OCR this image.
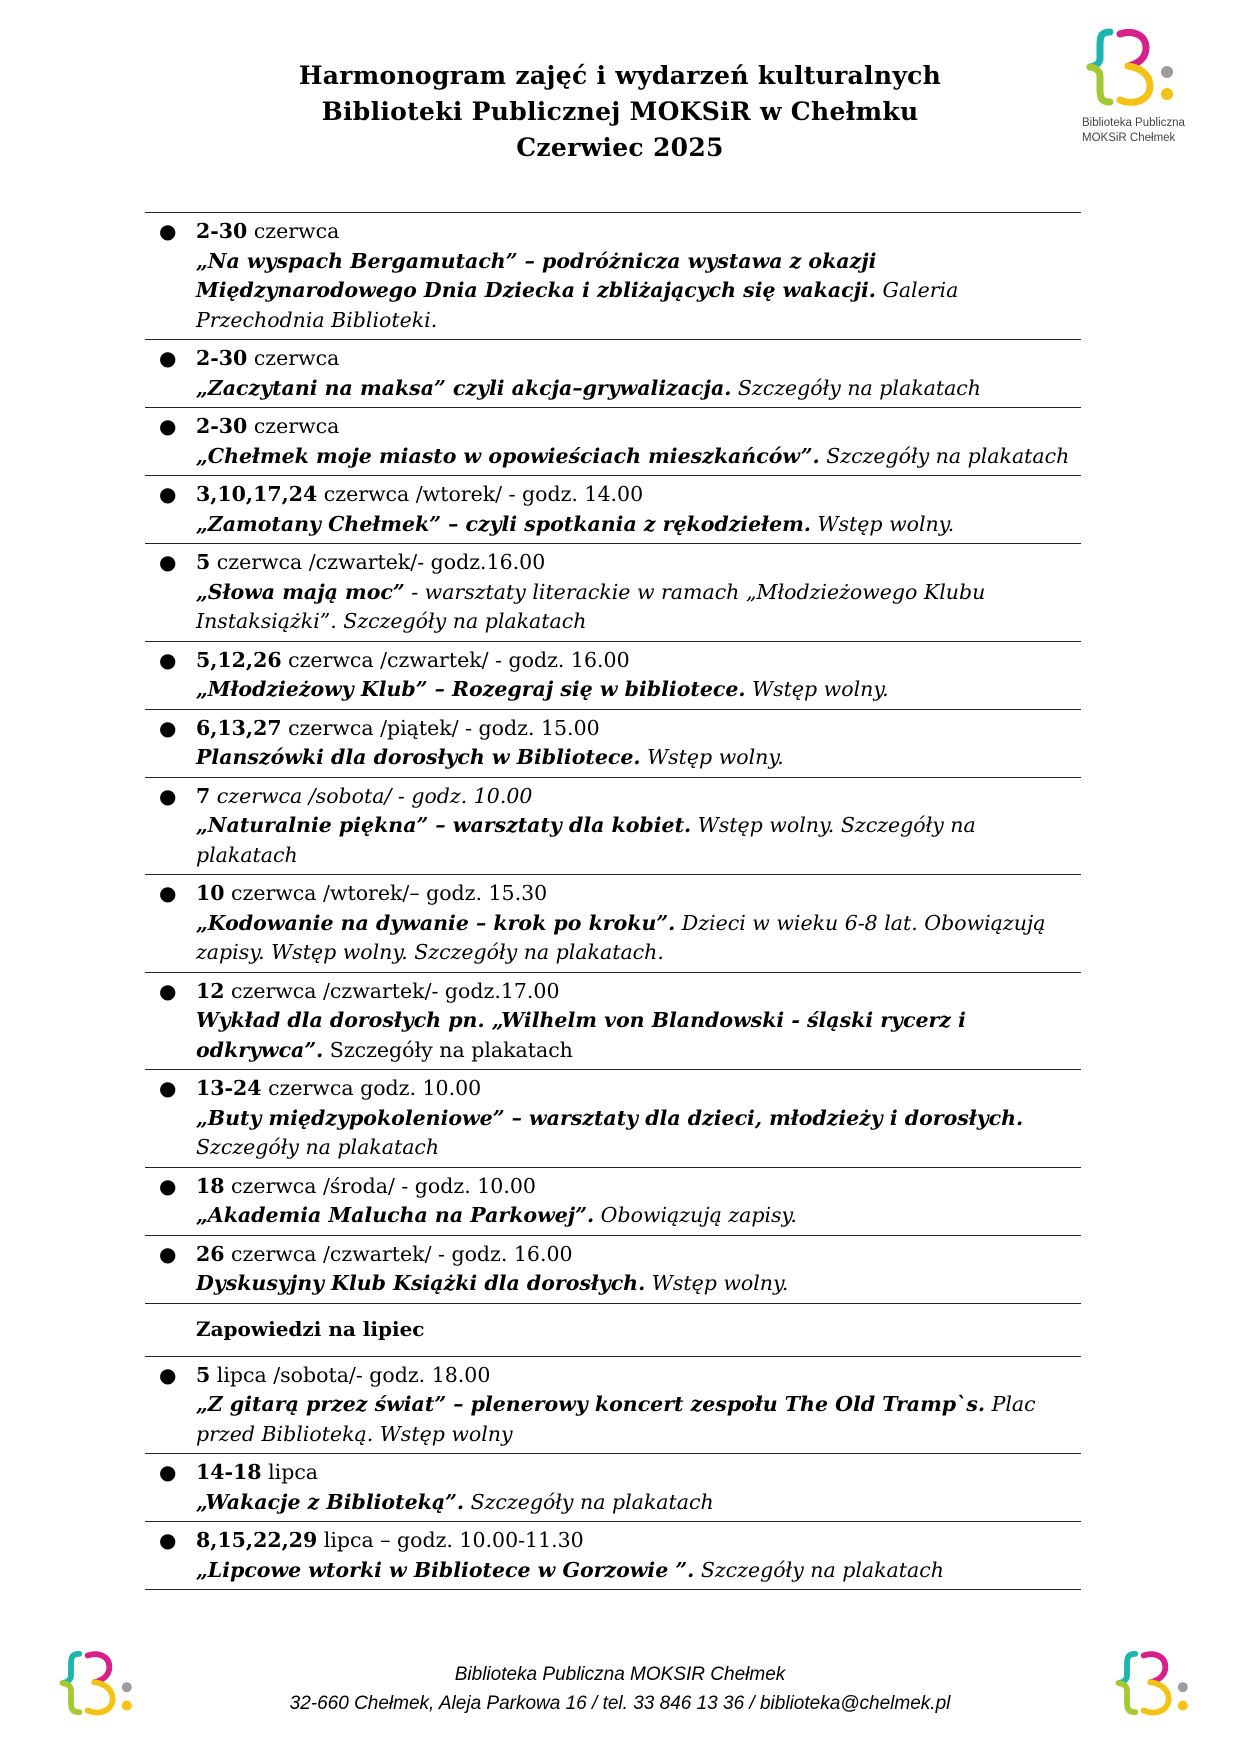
Harmonogram zajęć i wydarzeń kulturalnych
Biblioteki Publicznej MOKSiR w Chełmku
Czerwiec 2025
Biblioteka Publiczna
MOKSiR Chełmek
● 2-30 czerwca

„Na wyspach Bergamutach” – podróżnicza wystawa z okazji Międzynarodowego Dnia Dziecka i zbliżających się wakacji. Galeria Przechodnia Biblioteki.

● 2-30 czerwca

„Zaczytani na maksa” czyli akcja–grywalizacja. Szczegóły na plakatach

● 2-30 czerwca

„Chełmek moje miasto w opowieściach mieszkańców”. Szczegóły na plakatach

● 3,10,17,24 czerwca /wtorek/ - godz. 14.00

„Zamotany Chełmek” – czyli spotkania z rękodziełem. Wstęp wolny.

● 5 czerwca /czwartek/- godz.16.00

„Słowa mają moc” - warsztaty literackie w ramach „Młodzieżowego Klubu Instaksiążki”. Szczegóły na plakatach

● 5,12,26 czerwca /czwartek/ - godz. 16.00

„Młodzieżowy Klub” – Rozegraj się w bibliotece. Wstęp wolny.

● 6,13,27 czerwca /piątek/ - godz. 15.00

Planszówki dla dorosłych w Bibliotece. Wstęp wolny.

● 7 czerwca /sobota/ - godz. 10.00

„Naturalnie piękna” – warsztaty dla kobiet. Wstęp wolny. Szczegóły na plakatach

● 10 czerwca /wtorek/– godz. 15.30

„Kodowanie na dywanie – krok po kroku”. Dzieci w wieku 6-8 lat. Obowiązują zapisy. Wstęp wolny. Szczegóły na plakatach.

● 12 czerwca /czwartek/- godz.17.00

Wykład dla dorosłych pn. „Wilhelm von Blandowski - śląski rycerz i odkrywca”. Szczegóły na plakatach

● 13-24 czerwca godz. 10.00

„Buty międzypokoleniowe” – warsztaty dla dzieci, młodzieży i dorosłych. Szczegóły na plakatach

● 18 czerwca /środa/ - godz. 10.00

„Akademia Malucha na Parkowej”. Obowiązują zapisy.

● 26 czerwca /czwartek/ - godz. 16.00

Dyskusyjny Klub Książki dla dorosłych. Wstęp wolny.

Zapowiedzi na lipiec
● 5 lipca /sobota/- godz. 18.00

„Z gitarą przez świat” – plenerowy koncert zespołu The Old Tramp`s. Plac przed Biblioteką. Wstęp wolny

● 14-18 lipca

„Wakacje z Biblioteką”. Szczegóły na plakatach

● 8,15,22,29 lipca – godz. 10.00-11.30

„Lipcowe wtorki w Bibliotece w Gorzowie ”. Szczegóły na plakatach

Biblioteka Publiczna MOKSIR Chełmek
32-660 Chełmek, Aleja Parkowa 16 / tel. 33 846 13 36 / biblioteka@chelmek.pl
